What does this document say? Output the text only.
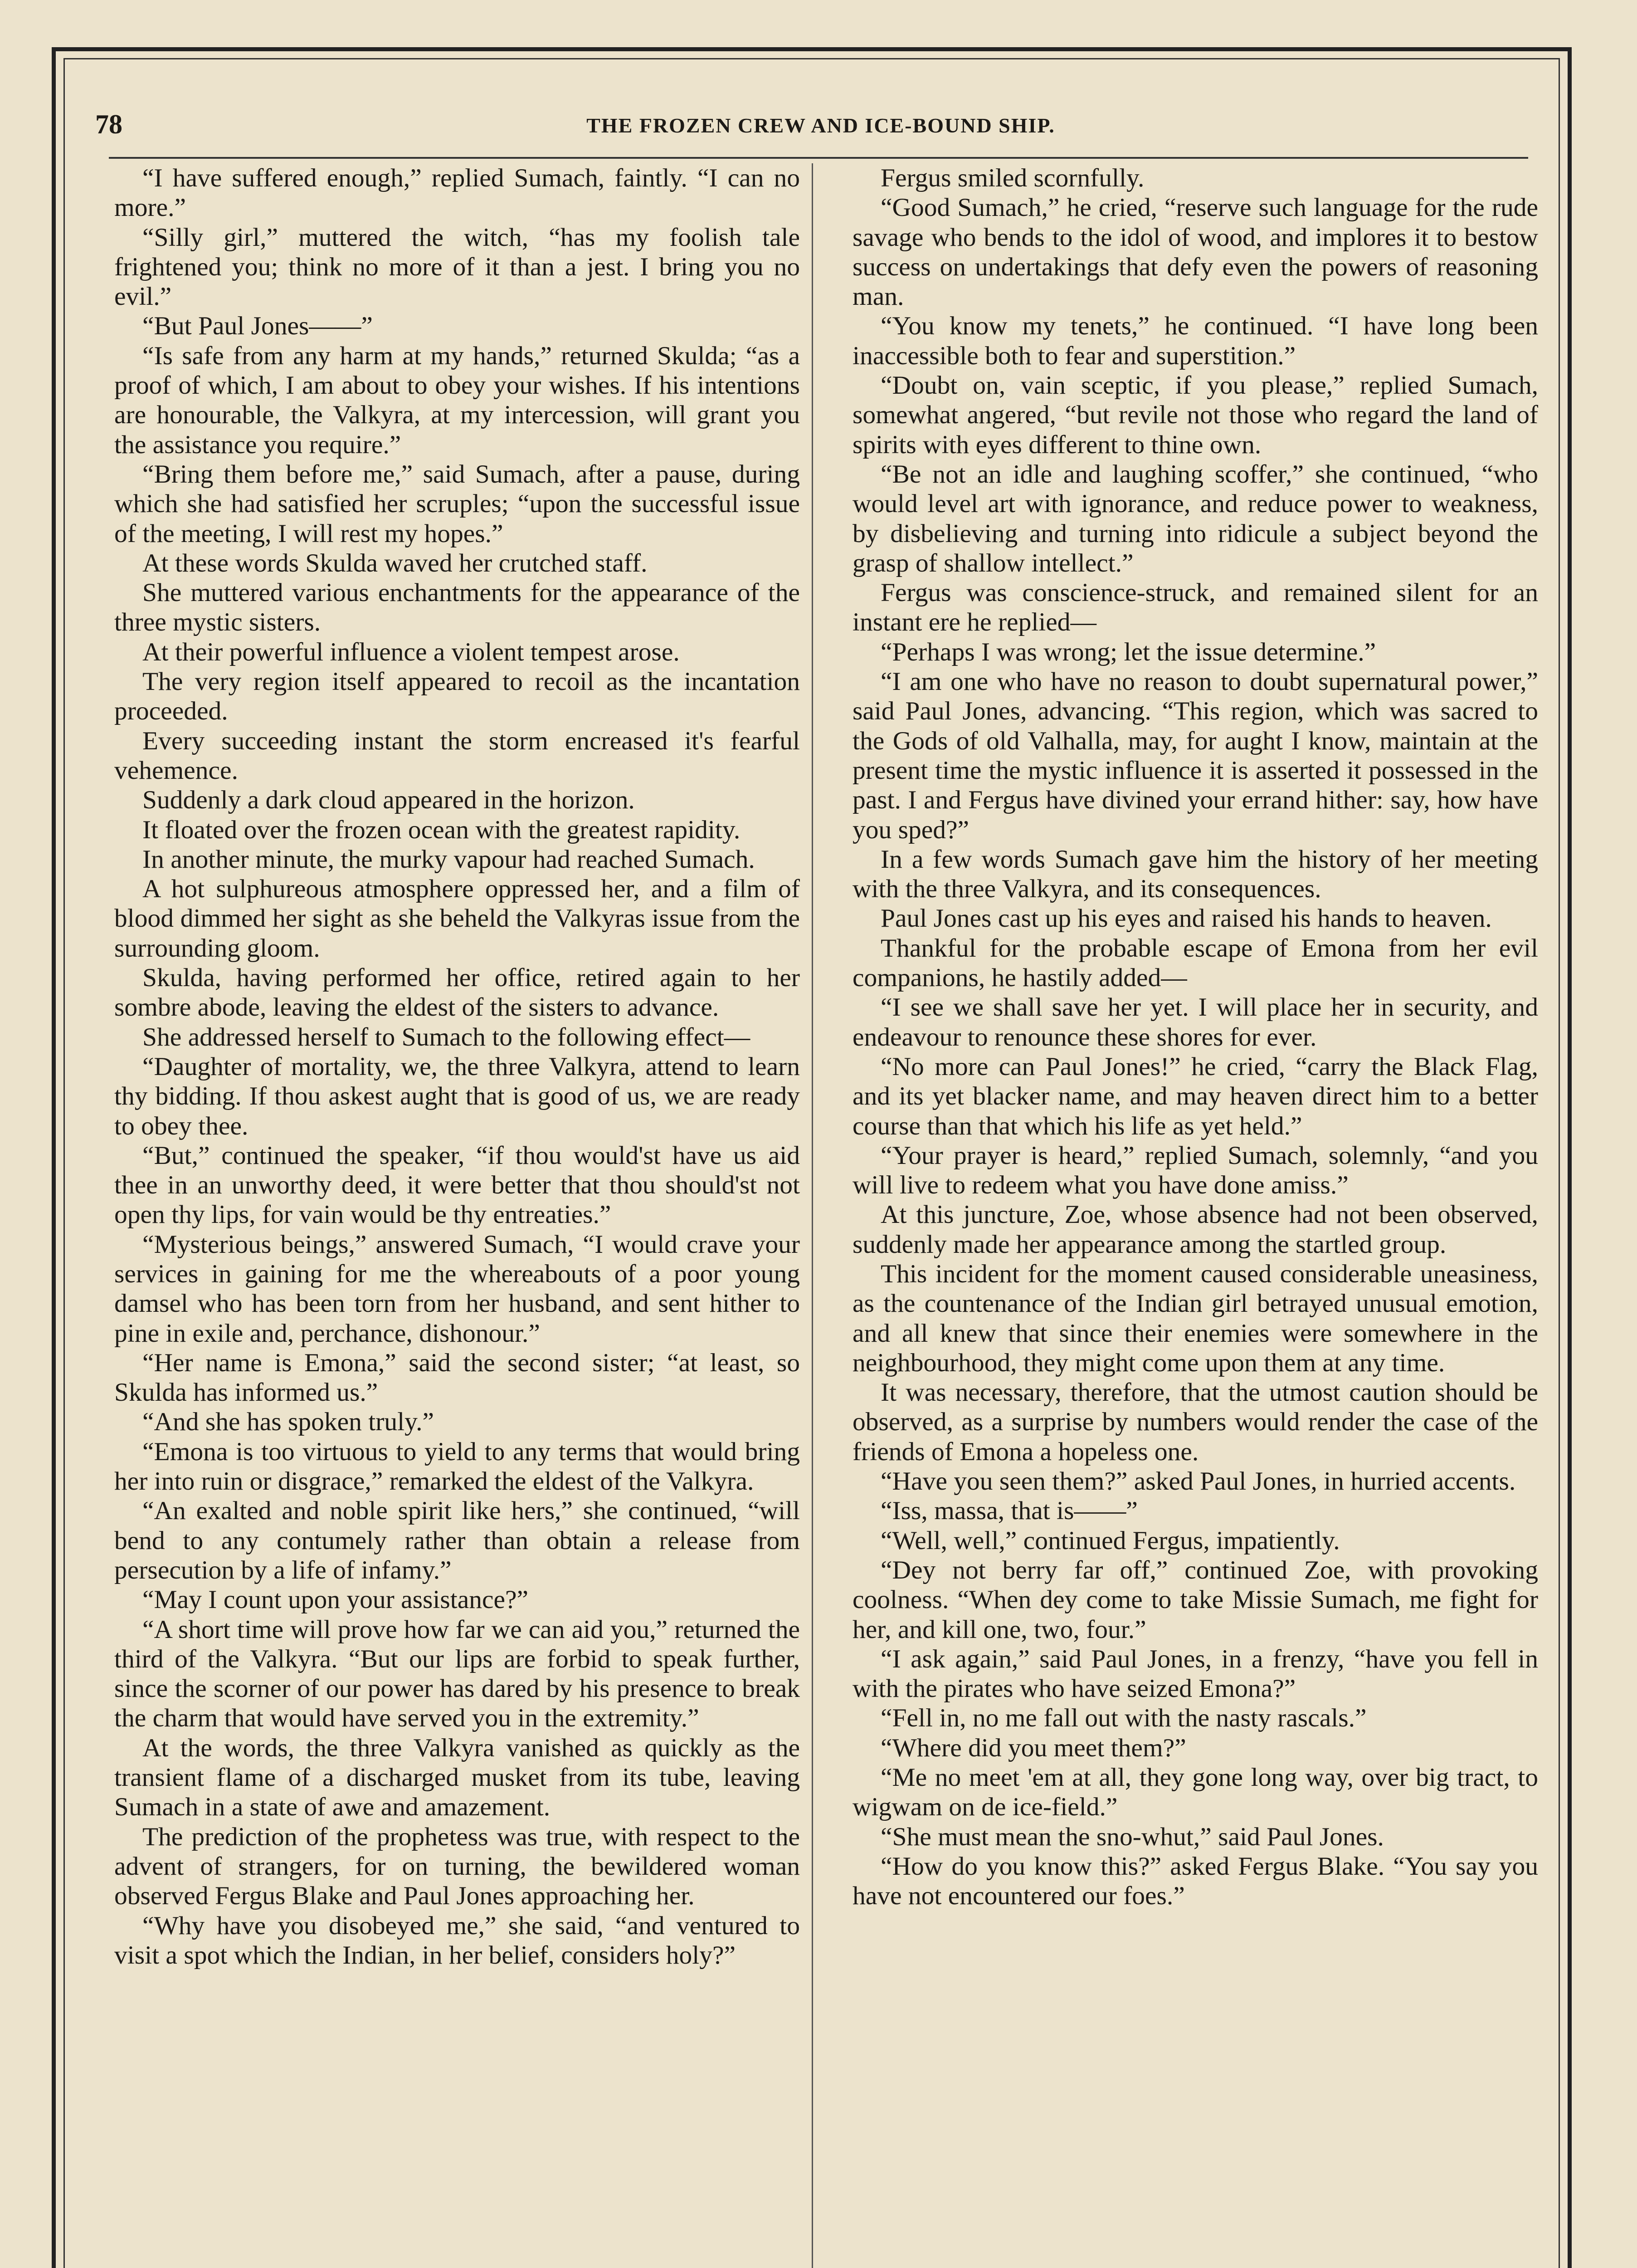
78	THE FROZEN CREW AND ICE-BOUND SHIP.

“I have suffered enough,” replied Sumach, faintly. “I can no more.”

“Silly girl,” muttered the witch, “has my foolish tale frightened you; think no more of it than a jest. I bring you no evil.”

“But Paul Jones——”

“Is safe from any harm at my hands,” returned Skulda; “as a proof of which, I am about to obey your wishes. If his intentions are honourable, the Valkyra, at my intercession, will grant you the assistance you require.”

“Bring them before me,” said Sumach, after a pause, during which she had satisfied her scruples; “upon the successful issue of the meeting, I will rest my hopes.”

At these words Skulda waved her crutched staff.

She muttered various enchantments for the appearance of the three mystic sisters.

At their powerful influence a violent tempest arose.

The very region itself appeared to recoil as the incantation proceeded.

Every succeeding instant the storm encreased it's fearful vehemence.

Suddenly a dark cloud appeared in the horizon.

It floated over the frozen ocean with the greatest rapidity.

In another minute, the murky vapour had reached Sumach.

A hot sulphureous atmosphere oppressed her, and a film of blood dimmed her sight as she beheld the Valkyras issue from the surrounding gloom.

Skulda, having performed her office, retired again to her sombre abode, leaving the eldest of the sisters to advance.

She addressed herself to Sumach to the following effect—

“Daughter of mortality, we, the three Valkyra, attend to learn thy bidding. If thou askest aught that is good of us, we are ready to obey thee.

“But,” continued the speaker, “if thou would'st have us aid thee in an unworthy deed, it were better that thou should'st not open thy lips, for vain would be thy entreaties.”

“Mysterious beings,” answered Sumach, “I would crave your services in gaining for me the whereabouts of a poor young damsel who has been torn from her husband, and sent hither to pine in exile and, perchance, dishonour.”

“Her name is Emona,” said the second sister; “at least, so Skulda has informed us.”

“And she has spoken truly.”

“Emona is too virtuous to yield to any terms that would bring her into ruin or disgrace,” remarked the eldest of the Valkyra.

“An exalted and noble spirit like hers,” she continued, “will bend to any contumely rather than obtain a release from persecution by a life of infamy.”

“May I count upon your assistance?”

“A short time will prove how far we can aid you,” returned the third of the Valkyra. “But our lips are forbid to speak further, since the scorner of our power has dared by his presence to break the charm that would have served you in the extremity.”

At the words, the three Valkyra vanished as quickly as the transient flame of a discharged musket from its tube, leaving Sumach in a state of awe and amazement.

The prediction of the prophetess was true, with respect to the advent of strangers, for on turning, the bewildered woman observed Fergus Blake and Paul Jones approaching her.

“Why have you disobeyed me,” she said, “and ventured to visit a spot which the Indian, in her belief, considers holy?”

Fergus smiled scornfully.

“Good Sumach,” he cried, “reserve such language for the rude savage who bends to the idol of wood, and implores it to bestow success on undertakings that defy even the powers of reasoning man.

“You know my tenets,” he continued. “I have long been inaccessible both to fear and superstition.”

“Doubt on, vain sceptic, if you please,” replied Sumach, somewhat angered, “but revile not those who regard the land of spirits with eyes different to thine own.

“Be not an idle and laughing scoffer,” she continued, “who would level art with ignorance, and reduce power to weakness, by disbelieving and turning into ridicule a subject beyond the grasp of shallow intellect.”

Fergus was conscience-struck, and remained silent for an instant ere he replied—

“Perhaps I was wrong; let the issue determine.”

“I am one who have no reason to doubt supernatural power,” said Paul Jones, advancing. “This region, which was sacred to the Gods of old Valhalla, may, for aught I know, maintain at the present time the mystic influence it is asserted it possessed in the past. I and Fergus have divined your errand hither: say, how have you sped?”

In a few words Sumach gave him the history of her meeting with the three Valkyra, and its consequences.

Paul Jones cast up his eyes and raised his hands to heaven.

Thankful for the probable escape of Emona from her evil companions, he hastily added—

“I see we shall save her yet. I will place her in security, and endeavour to renounce these shores for ever.

“No more can Paul Jones!” he cried, “carry the Black Flag, and its yet blacker name, and may heaven direct him to a better course than that which his life as yet held.”

“Your prayer is heard,” replied Sumach, solemnly, “and you will live to redeem what you have done amiss.”

At this juncture, Zoe, whose absence had not been observed, suddenly made her appearance among the startled group.

This incident for the moment caused considerable uneasiness, as the countenance of the Indian girl betrayed unusual emotion, and all knew that since their enemies were somewhere in the neighbourhood, they might come upon them at any time.

It was necessary, therefore, that the utmost caution should be observed, as a surprise by numbers would render the case of the friends of Emona a hopeless one.

“Have you seen them?” asked Paul Jones, in hurried accents.

“Iss, massa, that is——”

“Well, well,” continued Fergus, impatiently.

“Dey not berry far off,” continued Zoe, with provoking coolness. “When dey come to take Missie Sumach, me fight for her, and kill one, two, four.”

“I ask again,” said Paul Jones, in a frenzy, “have you fell in with the pirates who have seized Emona?”

“Fell in, no me fall out with the nasty rascals.”

“Where did you meet them?”

“Me no meet 'em at all, they gone long way, over big tract, to wigwam on de ice-field.”

“She must mean the sno-whut,” said Paul Jones.

“How do you know this?” asked Fergus Blake. “You say you have not encountered our foes.”
